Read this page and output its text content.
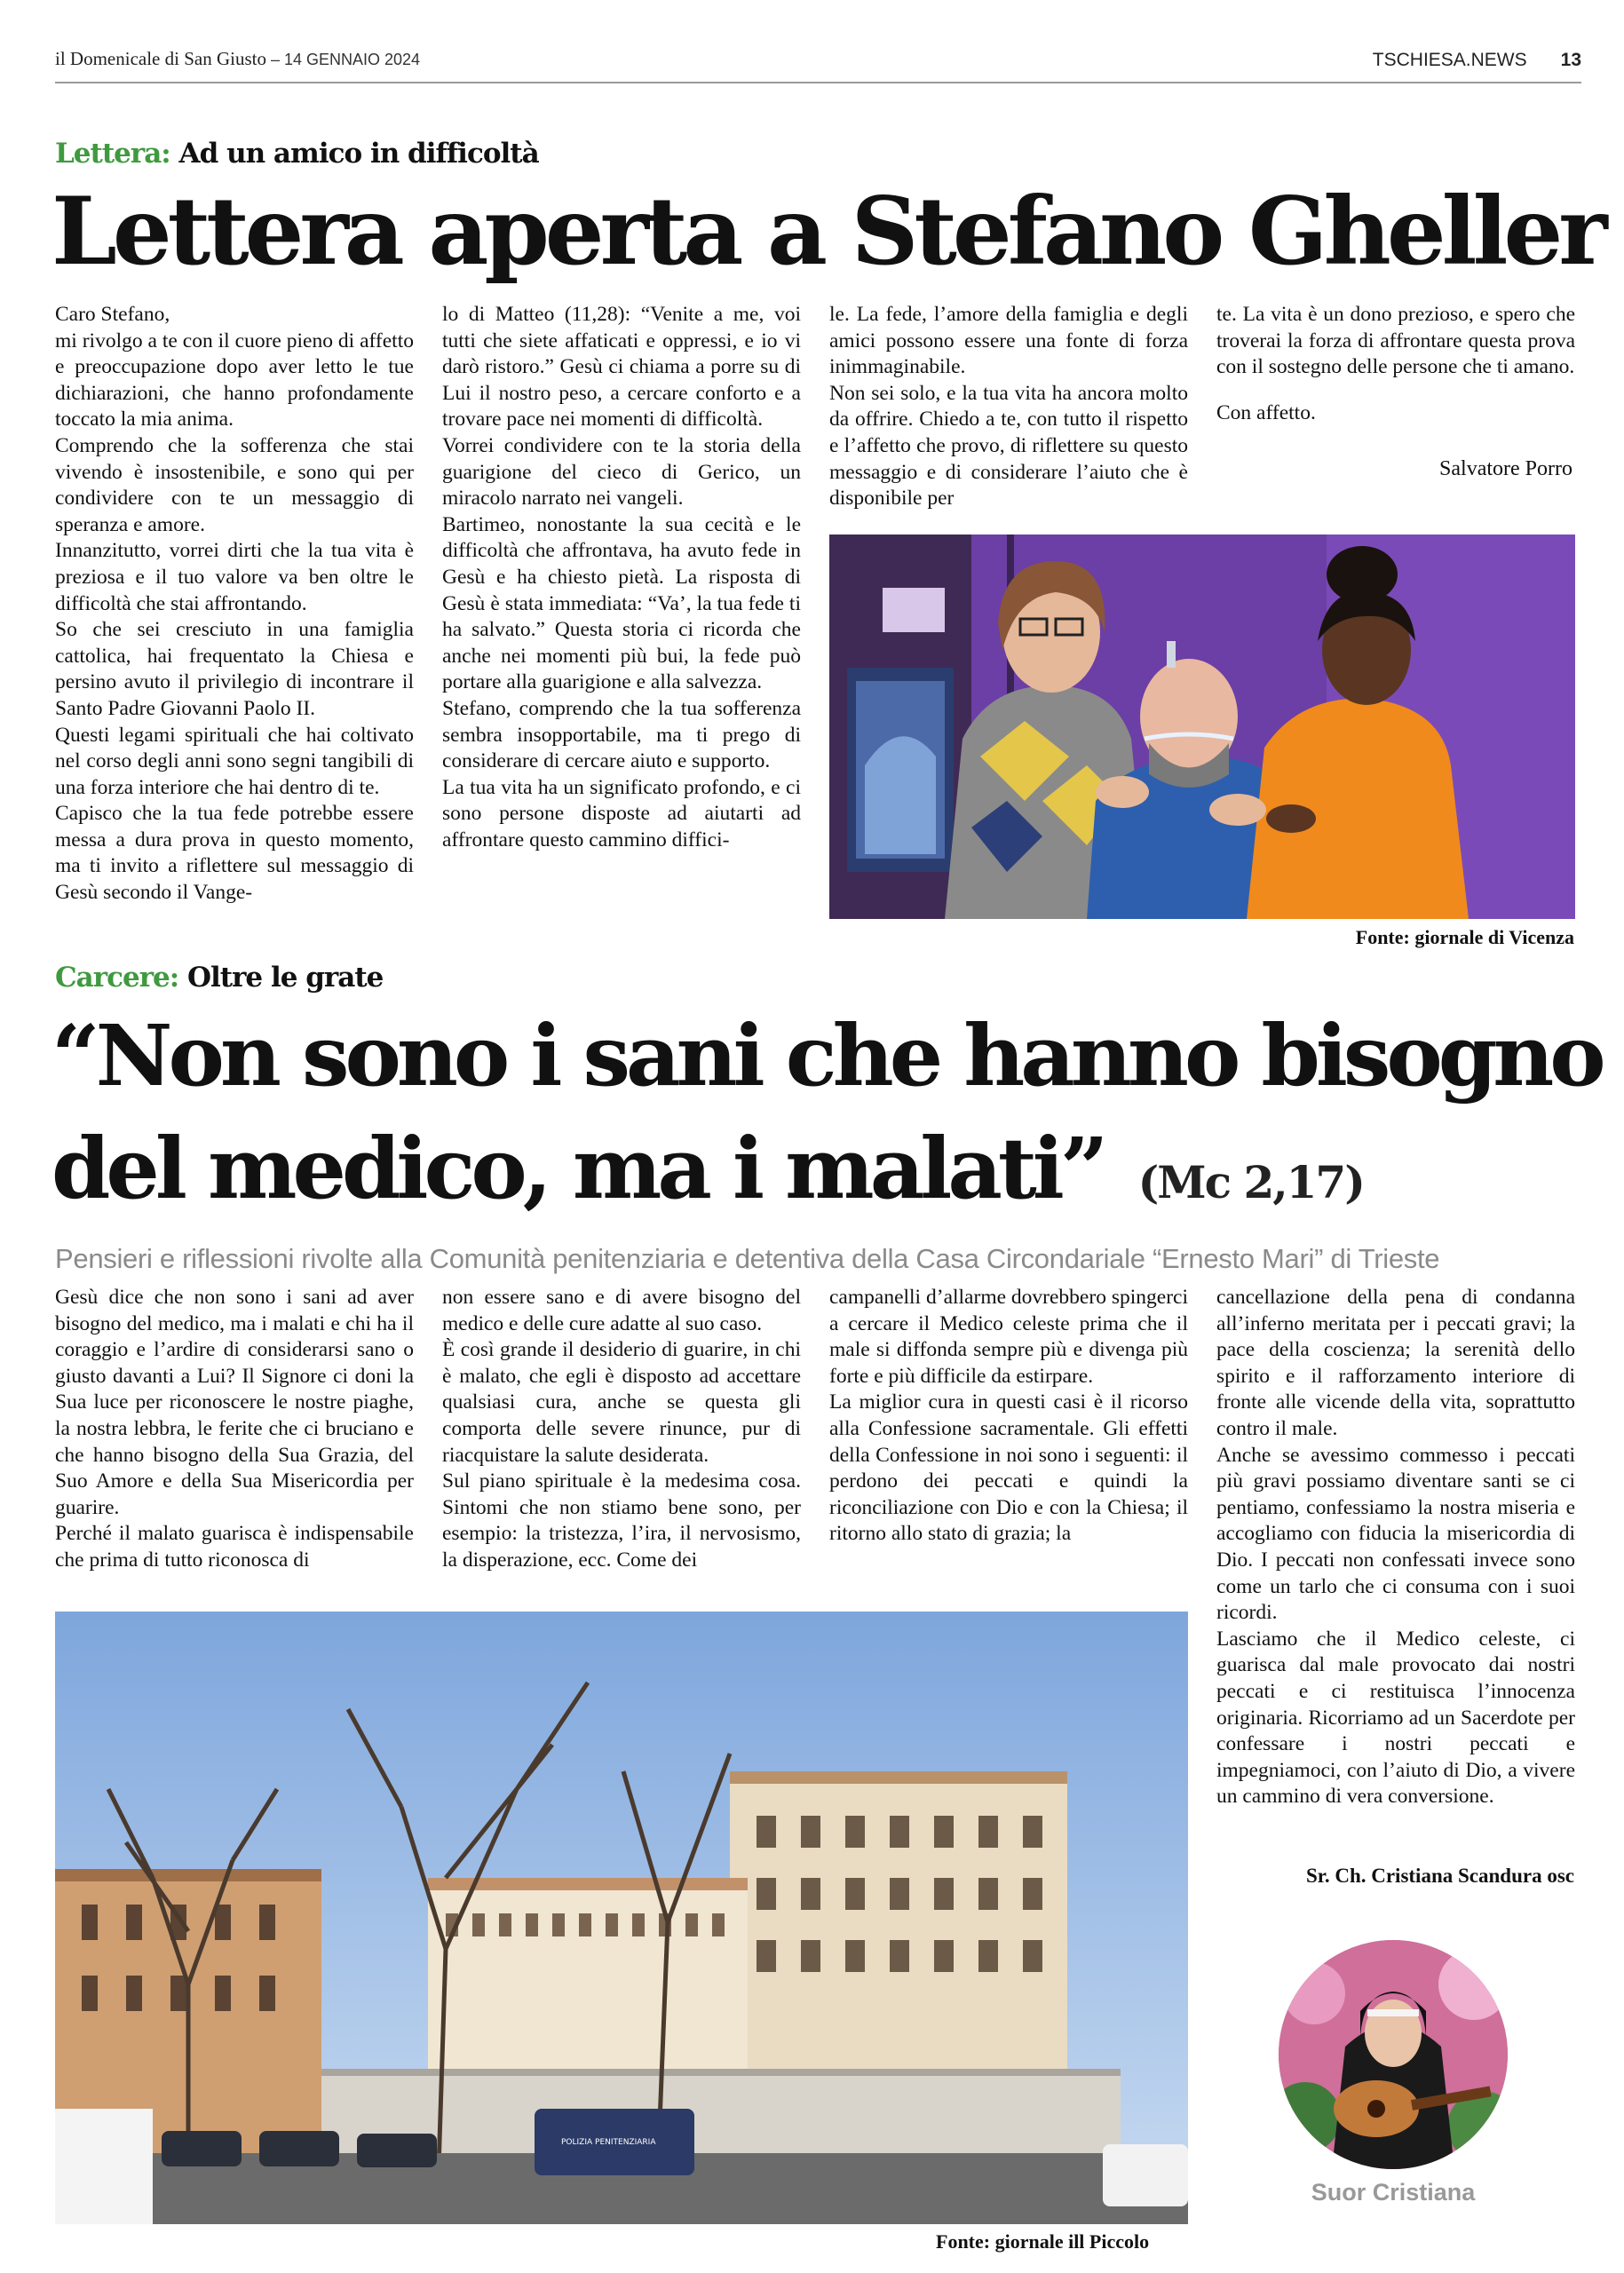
il Domenicale di San Giusto – 14 GENNAIO 2024	TSCHIESA.NEWS 13
Lettera: Ad un amico in difficoltà
Lettera aperta a Stefano Gheller

Caro Stefano,

mi rivolgo a te con il cuore pieno di affetto e preoccupazione dopo aver letto le tue dichiarazioni, che hanno profondamente toccato la mia anima.

Comprendo che la sofferenza che stai vivendo è insostenibile, e sono qui per condividere con te un messaggio di speranza e amore.

Innanzitutto, vorrei dirti che la tua vita è preziosa e il tuo valore va ben oltre le difficoltà che stai affrontando.

So che sei cresciuto in una famiglia cattolica, hai frequentato la Chiesa e persino avuto il privilegio di incontrare il Santo Padre Giovanni Paolo II.

Questi legami spirituali che hai coltivato nel corso degli anni sono segni tangibili di una forza interiore che hai dentro di te.

Capisco che la tua fede potrebbe essere messa a dura prova in questo momento, ma ti invito a riflettere sul messaggio di Gesù secondo il Vange-

lo di Matteo (11,28): “Venite a me, voi tutti che siete affaticati e oppressi, e io vi darò ristoro.” Gesù ci chiama a porre su di Lui il nostro peso, a cercare conforto e a trovare pace nei momenti di difficoltà.

Vorrei condividere con te la storia della guarigione del cieco di Gerico, un miracolo narrato nei vangeli.

Bartimeo, nonostante la sua cecità e le difficoltà che affrontava, ha avuto fede in Gesù e ha chiesto pietà. La risposta di Gesù è stata immediata: “Va’, la tua fede ti ha salvato.” Questa storia ci ricorda che anche nei momenti più bui, la fede può portare alla guarigione e alla salvezza.

Stefano, comprendo che la tua sofferenza sembra insopportabile, ma ti prego di considerare di cercare aiuto e supporto.

La tua vita ha un significato profondo, e ci sono persone disposte ad aiutarti ad affrontare questo cammino diffici-

le. La fede, l’amore della famiglia e degli amici possono essere una fonte di forza inimmaginabile.

Non sei solo, e la tua vita ha ancora molto da offrire. Chiedo a te, con tutto il rispetto e l’affetto che provo, di riflettere su questo messaggio e di considerare l’aiuto che è disponibile per

te. La vita è un dono prezioso, e spero che troverai la forza di affrontare questa prova con il sostegno delle persone che ti amano.

Con affetto.

Salvatore Porro
Fonte: giornale di Vicenza
Carcere: Oltre le grate
“Non sono i sani che hanno bisogno
del medico, ma i malati” (Mc 2,17)
Pensieri e riflessioni rivolte alla Comunità penitenziaria e detentiva della Casa Circondariale “Ernesto Mari” di Trieste

Gesù dice che non sono i sani ad aver bisogno del medico, ma i malati e chi ha il coraggio e l’ardire di considerarsi sano o giusto davanti a Lui? Il Signore ci doni la Sua luce per riconoscere le nostre piaghe, la nostra lebbra, le ferite che ci bruciano e che hanno bisogno della Sua Grazia, del Suo Amore e della Sua Misericordia per guarire.

Perché il malato guarisca è indispensabile che prima di tutto riconosca di

non essere sano e di avere bisogno del medico e delle cure adatte al suo caso.

È così grande il desiderio di guarire, in chi è malato, che egli è disposto ad accettare qualsiasi cura, anche se questa gli comporta delle severe rinunce, pur di riacquistare la salute desiderata.

Sul piano spirituale è la medesima cosa. Sintomi che non stiamo bene sono, per esempio: la tristezza, l’ira, il nervosismo, la disperazione, ecc. Come dei

campanelli d’allarme dovrebbero spingerci a cercare il Medico celeste prima che il male si diffonda sempre più e divenga più forte e più difficile da estirpare.

La miglior cura in questi casi è il ricorso alla Confessione sacramentale. Gli effetti della Confessione in noi sono i seguenti: il perdono dei peccati e quindi la riconciliazione con Dio e con la Chiesa; il ritorno allo stato di grazia; la

cancellazione della pena di condanna all’inferno meritata per i peccati gravi; la pace della coscienza; la serenità dello spirito e il rafforzamento interiore di fronte alle vicende della vita, soprattutto contro il male.

Anche se avessimo commesso i peccati più gravi possiamo diventare santi se ci pentiamo, confessiamo la nostra miseria e accogliamo con fiducia la misericordia di Dio. I peccati non confessati invece sono come un tarlo che ci consuma con i suoi ricordi.

Lasciamo che il Medico celeste, ci guarisca dal male provocato dai nostri peccati e ci restituisca l’innocenza originaria. Ricorriamo ad un Sacerdote per confessare i nostri peccati e impegniamoci, con l’aiuto di Dio, a vivere un cammino di vera conversione.

Sr. Ch. Cristiana Scandura osc
POLIZIA PENITENZIARIA
Fonte: giornale ill Piccolo
Suor Cristiana
